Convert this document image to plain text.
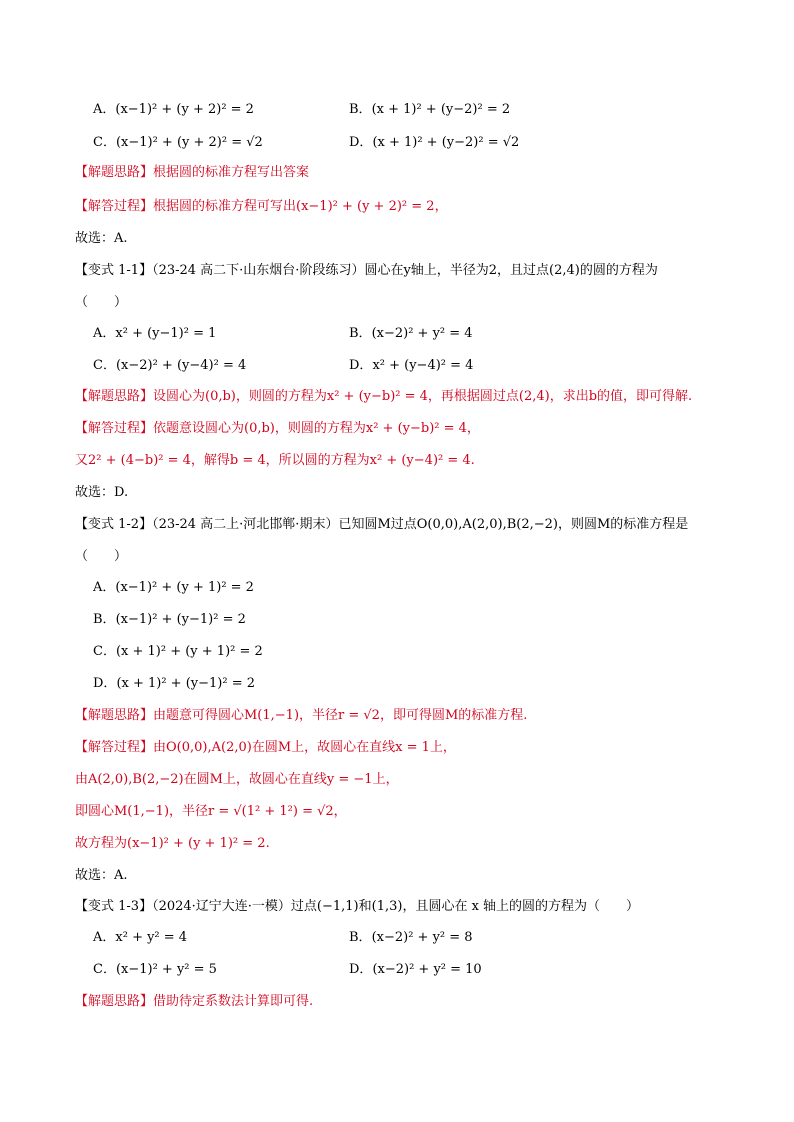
A．(x−1)² + (y + 2)² = 2	B．(x + 1)² + (y−2)² = 2
C．(x−1)² + (y + 2)² = √2	D．(x + 1)² + (y−2)² = √2
【解题思路】根据圆的标准方程写出答案
【解答过程】根据圆的标准方程可写出(x−1)² + (y + 2)² = 2，
故选：A.
【变式 1-1】（23-24 高二下·山东烟台·阶段练习）圆心在y轴上，半径为2，且过点(2,4)的圆的方程为
（　　）
A．x² + (y−1)² = 1	B．(x−2)² + y² = 4
C．(x−2)² + (y−4)² = 4	D．x² + (y−4)² = 4
【解题思路】设圆心为(0,b)，则圆的方程为x² + (y−b)² = 4，再根据圆过点(2,4)，求出b的值，即可得解.
【解答过程】依题意设圆心为(0,b)，则圆的方程为x² + (y−b)² = 4，
又2² + (4−b)² = 4，解得b = 4，所以圆的方程为x² + (y−4)² = 4.
故选：D.
【变式 1-2】（23-24 高二上·河北邯郸·期末）已知圆M过点O(0,0),A(2,0),B(2,−2)，则圆M的标准方程是
（　　）
A．(x−1)² + (y + 1)² = 2
B．(x−1)² + (y−1)² = 2
C．(x + 1)² + (y + 1)² = 2
D．(x + 1)² + (y−1)² = 2
【解题思路】由题意可得圆心M(1,−1)，半径r = √2，即可得圆M的标准方程.
【解答过程】由O(0,0),A(2,0)在圆M上，故圆心在直线x = 1上，
由A(2,0),B(2,−2)在圆M上，故圆心在直线y = −1上，
即圆心M(1,−1)，半径r = √(1² + 1²) = √2，
故方程为(x−1)² + (y + 1)² = 2.
故选：A.
【变式 1-3】（2024·辽宁大连·一模）过点(−1,1)和(1,3)，且圆心在 x 轴上的圆的方程为（　　）
A．x² + y² = 4	B．(x−2)² + y² = 8
C．(x−1)² + y² = 5	D．(x−2)² + y² = 10
【解题思路】借助待定系数法计算即可得.
